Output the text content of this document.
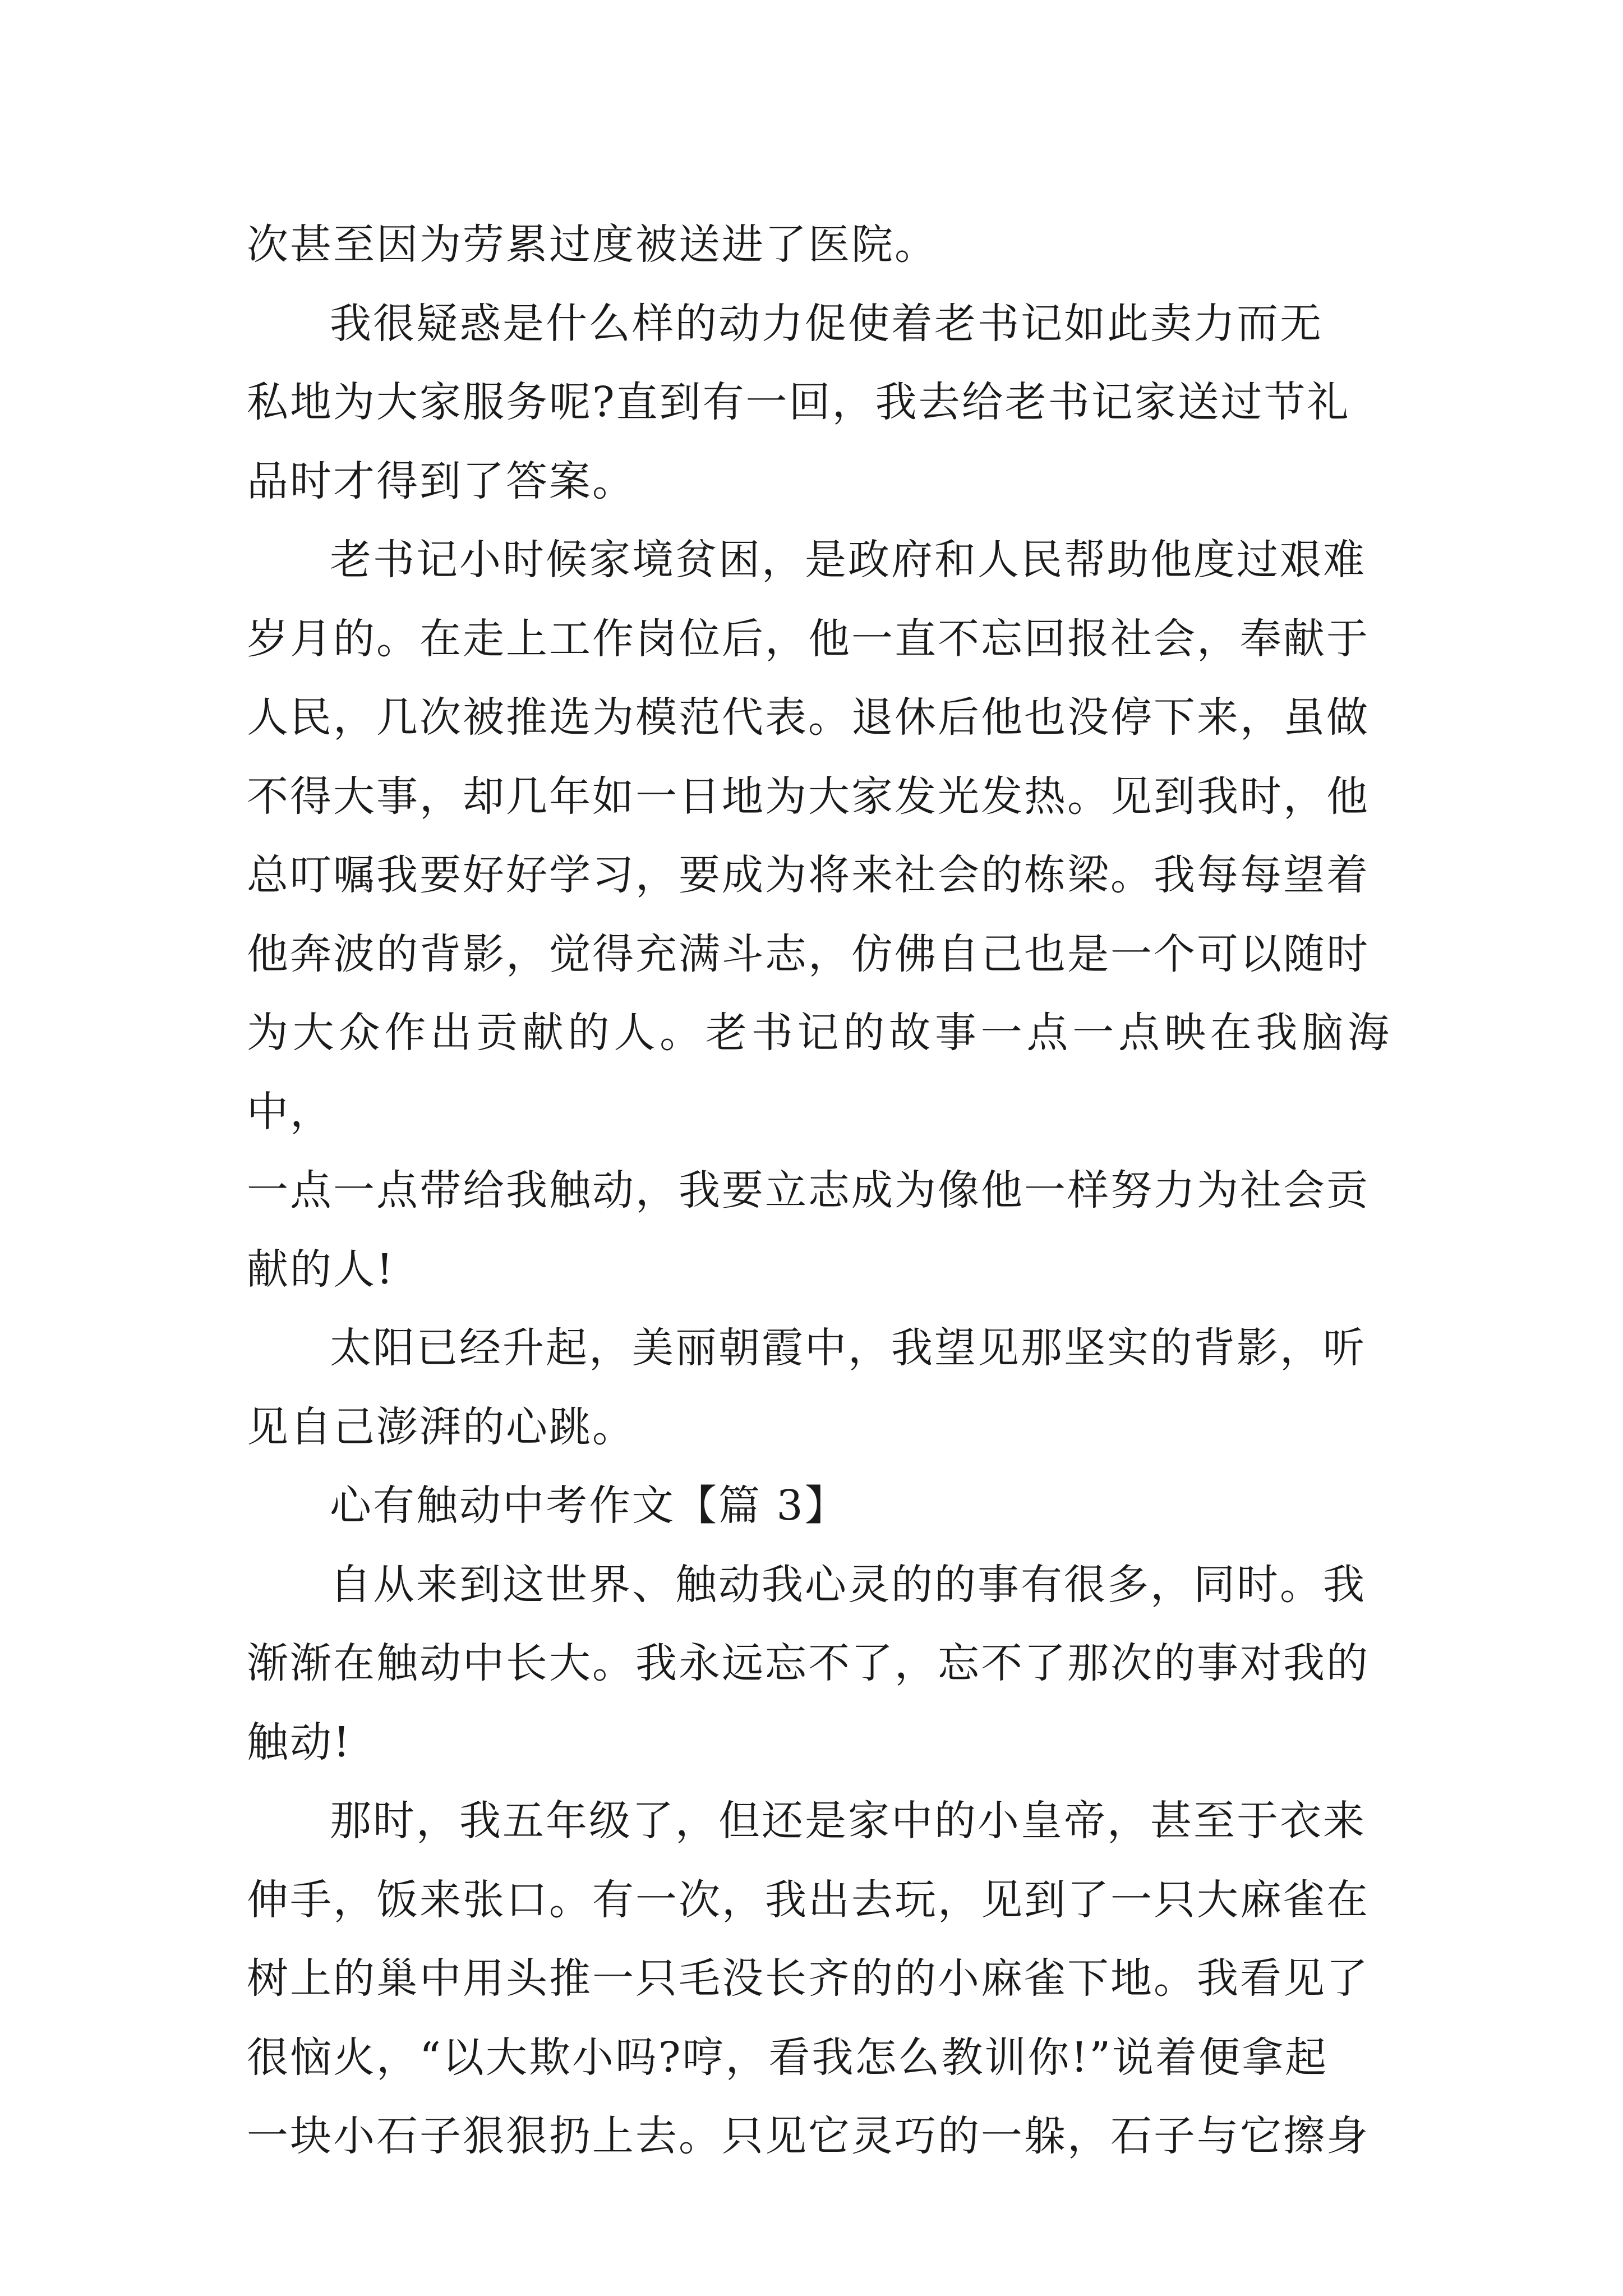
次甚至因为劳累过度被送进了医院。

我很疑惑是什么样的动力促使着老书记如此卖力而无
私地为大家服务呢?直到有一回，我去给老书记家送过节礼
品时才得到了答案。

老书记小时候家境贫困，是政府和人民帮助他度过艰难
岁月的。在走上工作岗位后，他一直不忘回报社会，奉献于
人民，几次被推选为模范代表。退休后他也没停下来，虽做
不得大事，却几年如一日地为大家发光发热。见到我时，他
总叮嘱我要好好学习，要成为将来社会的栋梁。我每每望着
他奔波的背影，觉得充满斗志，仿佛自己也是一个可以随时
为大众作出贡献的人。老书记的故事一点一点映在我脑海中，
一点一点带给我触动，我要立志成为像他一样努力为社会贡
献的人!

太阳已经升起，美丽朝霞中，我望见那坚实的背影，听
见自己澎湃的心跳。

心有触动中考作文【篇 3】

自从来到这世界、触动我心灵的的事有很多，同时。我
渐渐在触动中长大。我永远忘不了，忘不了那次的事对我的
触动!

那时，我五年级了，但还是家中的小皇帝，甚至于衣来
伸手，饭来张口。有一次，我出去玩，见到了一只大麻雀在
树上的巢中用头推一只毛没长齐的的小麻雀下地。我看见了
很恼火，“以大欺小吗?哼，看我怎么教训你!”说着便拿起
一块小石子狠狠扔上去。只见它灵巧的一躲，石子与它擦身
